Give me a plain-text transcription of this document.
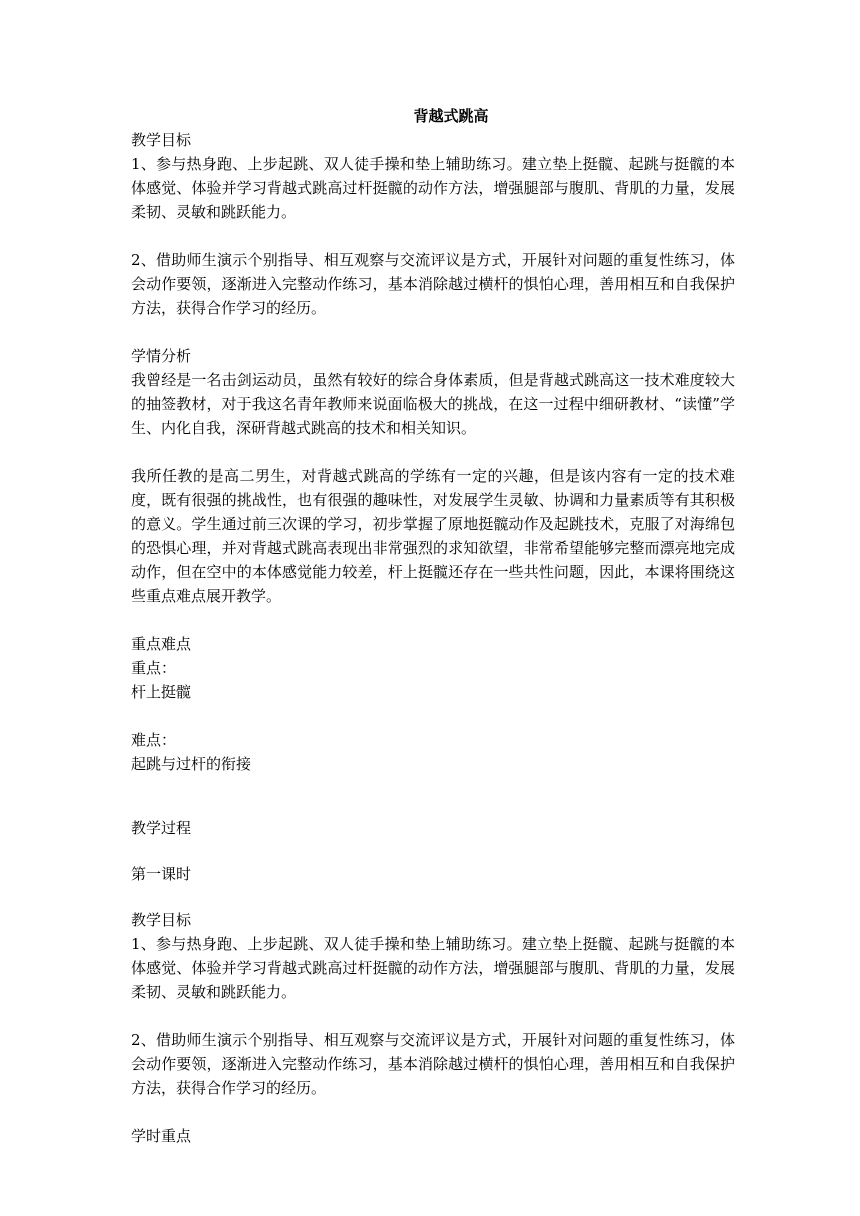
背越式跳高

教学目标

1、参与热身跑、上步起跳、双人徒手操和垫上辅助练习。建立垫上挺髋、起跳与挺髋的本体感觉、体验并学习背越式跳高过杆挺髋的动作方法，增强腿部与腹肌、背肌的力量，发展柔韧、灵敏和跳跃能力。

2、借助师生演示个别指导、相互观察与交流评议是方式，开展针对问题的重复性练习，体会动作要领，逐渐进入完整动作练习，基本消除越过横杆的惧怕心理，善用相互和自我保护方法，获得合作学习的经历。

学情分析

我曾经是一名击剑运动员，虽然有较好的综合身体素质，但是背越式跳高这一技术难度较大的抽签教材，对于我这名青年教师来说面临极大的挑战，在这一过程中细研教材、“读懂”学生、内化自我，深研背越式跳高的技术和相关知识。

我所任教的是高二男生，对背越式跳高的学练有一定的兴趣，但是该内容有一定的技术难度，既有很强的挑战性，也有很强的趣味性，对发展学生灵敏、协调和力量素质等有其积极的意义。学生通过前三次课的学习，初步掌握了原地挺髋动作及起跳技术，克服了对海绵包的恐惧心理，并对背越式跳高表现出非常强烈的求知欲望，非常希望能够完整而漂亮地完成动作，但在空中的本体感觉能力较差，杆上挺髋还存在一些共性问题，因此，本课将围绕这些重点难点展开教学。

重点难点

重点：

杆上挺髋

难点：

起跳与过杆的衔接

教学过程

第一课时

教学目标

1、参与热身跑、上步起跳、双人徒手操和垫上辅助练习。建立垫上挺髋、起跳与挺髋的本体感觉、体验并学习背越式跳高过杆挺髋的动作方法，增强腿部与腹肌、背肌的力量，发展柔韧、灵敏和跳跃能力。

2、借助师生演示个别指导、相互观察与交流评议是方式，开展针对问题的重复性练习，体会动作要领，逐渐进入完整动作练习，基本消除越过横杆的惧怕心理，善用相互和自我保护方法，获得合作学习的经历。

学时重点
